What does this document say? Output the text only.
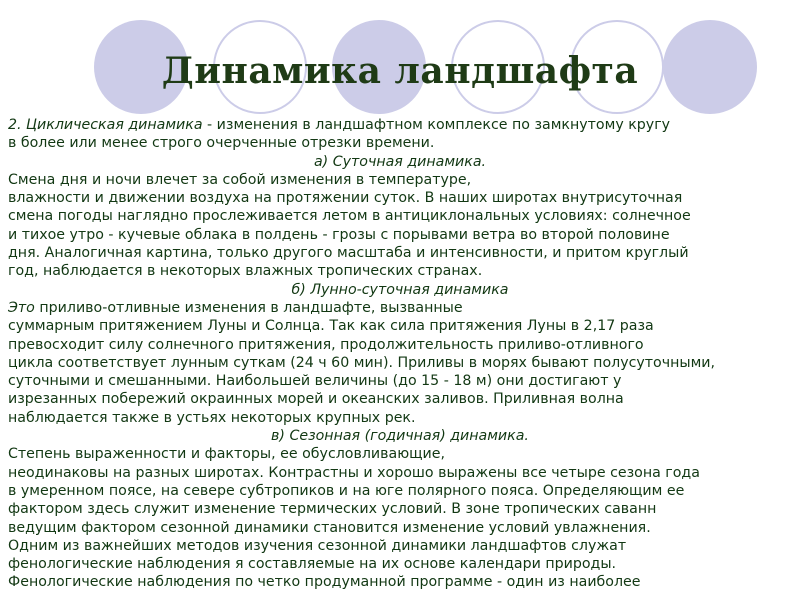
Динамика ландшафта
2. Циклическая динамика - изменения в ландшафтном комплексе по замкнутому кругу
в более или менее строго очерченные отрезки времени.
а) Суточная динамика.
Смена дня и ночи влечет за собой изменения в температуре,
влажности и движении воздуха на протяжении суток. В наших широтах внутрисуточная
смена погоды наглядно прослеживается летом в антициклональных условиях: солнечное
и тихое утро - кучевые облака в полдень - грозы с порывами ветра во второй половине
дня. Аналогичная картина, только другого масштаба и интенсивности, и притом круглый
год, наблюдается в некоторых влажных тропических странах.
б) Лунно-суточная динамика
Это приливо-отливные изменения в ландшафте, вызванные
суммарным притяжением Луны и Солнца. Так как сила притяжения Луны в 2,17 раза
превосходит силу солнечного притяжения, продолжительность приливо-отливного
цикла соответствует лунным суткам (24 ч 60 мин). Приливы в морях бывают полусуточными,
суточными и смешанными. Наибольшей величины (до 15 - 18 м) они достигают у
изрезанных побережий окраинных морей и океанских заливов. Приливная волна
наблюдается также в устьях некоторых крупных рек.
в) Сезонная (годичная) динамика.
Степень выраженности и факторы, ее обусловливающие,
неодинаковы на разных широтах. Контрастны и хорошо выражены все четыре сезона года
в умеренном поясе, на севере субтропиков и на юге полярного пояса. Определяющим ее
фактором здесь служит изменение термических условий. В зоне тропических саванн
ведущим фактором сезонной динамики становится изменение условий увлажнения.
Одним из важнейших методов изучения сезонной динамики ландшафтов служат
фенологические наблюдения я составляемые на их основе календари природы.
Фенологические наблюдения по четко продуманной программе - один из наиболее
